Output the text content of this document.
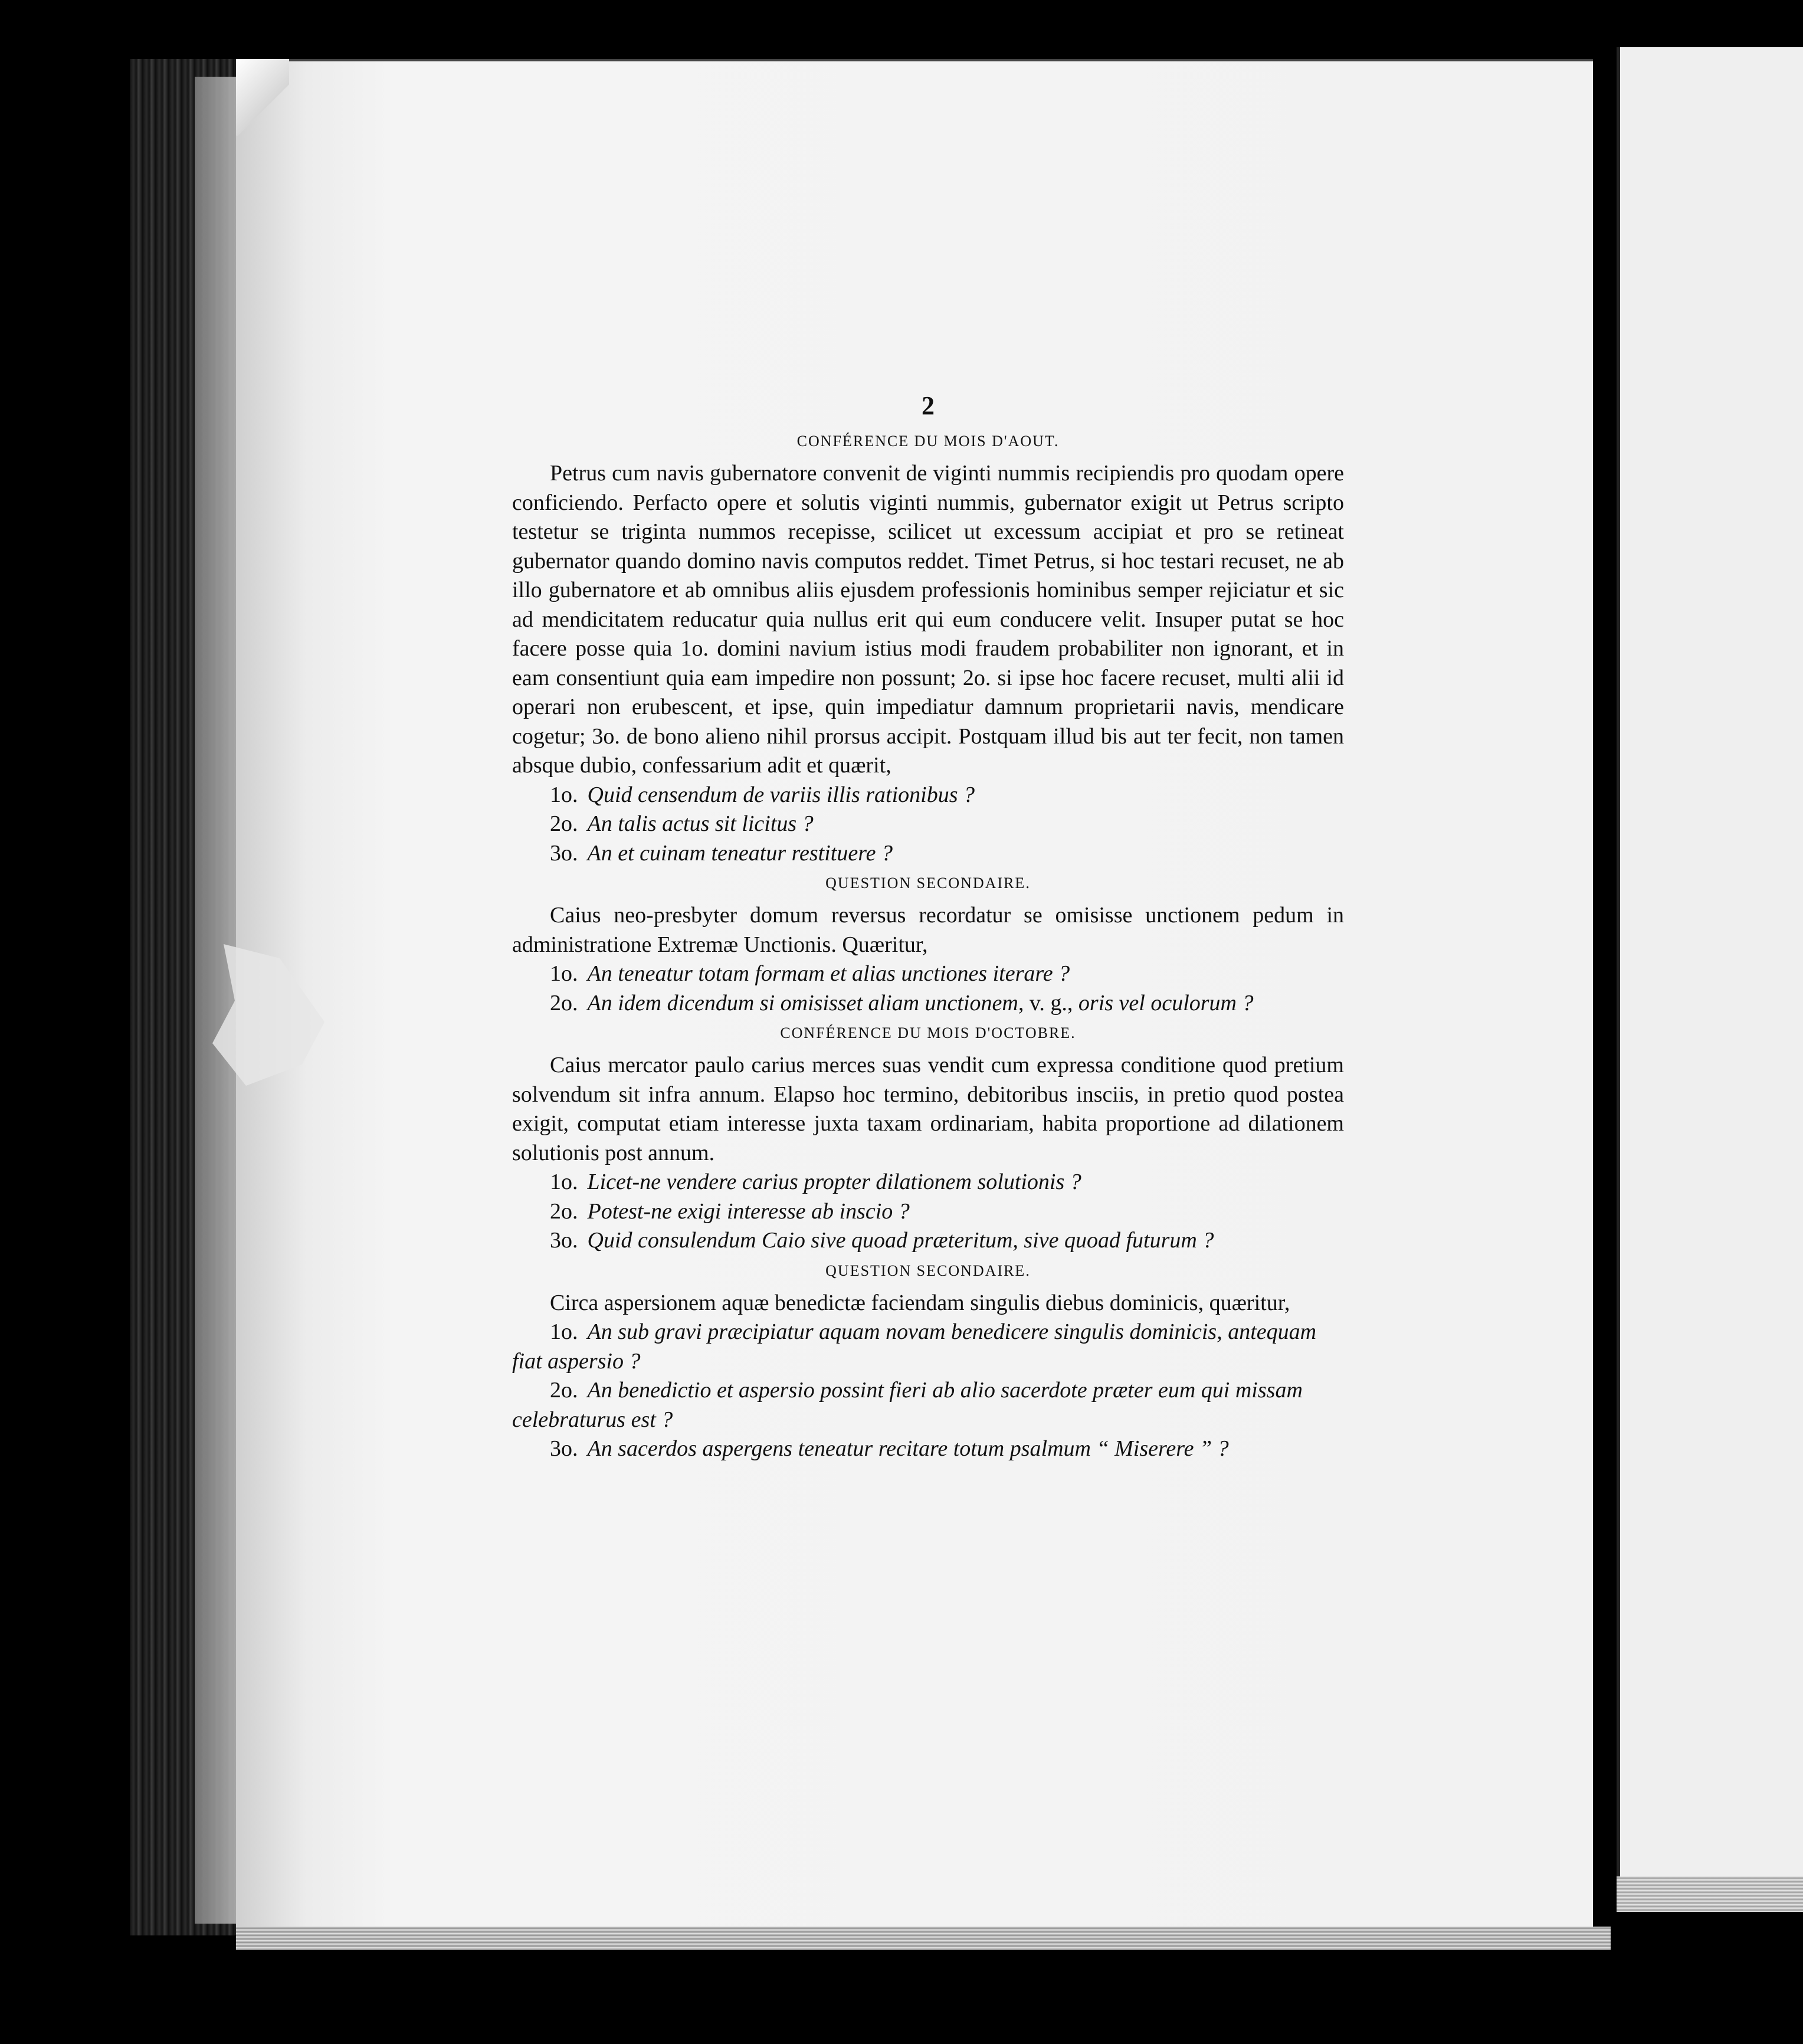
2
CONFÉRENCE DU MOIS D'AOUT.

Petrus cum navis gubernatore convenit de viginti nummis recipiendis pro quodam opere conficiendo. Perfacto opere et solutis viginti nummis, gubernator exigit ut Petrus scripto testetur se triginta nummos recepisse, scilicet ut excessum accipiat et pro se retineat gubernator quando domino navis computos reddet. Timet Petrus, si hoc testari recuset, ne ab illo gubernatore et ab omnibus aliis ejusdem professionis hominibus semper rejiciatur et sic ad mendicitatem reducatur quia nullus erit qui eum conducere velit. Insuper putat se hoc facere posse quia 1o. domini navium istius modi fraudem probabiliter non ignorant, et in eam consentiunt quia eam impedire non possunt; 2o. si ipse hoc facere recuset, multi alii id operari non erubescent, et ipse, quin impediatur damnum proprietarii navis, mendicare cogetur; 3o. de bono alieno nihil prorsus accipit. Postquam illud bis aut ter fecit, non tamen absque dubio, confessarium adit et quærit,

1o. Quid censendum de variis illis rationibus ?

2o. An talis actus sit licitus ?

3o. An et cuinam teneatur restituere ?

QUESTION SECONDAIRE.

Caius neo-presbyter domum reversus recordatur se omisisse unctionem pedum in administratione Extremæ Unctionis. Quæritur,

1o. An teneatur totam formam et alias unctiones iterare ?

2o. An idem dicendum si omisisset aliam unctionem, v. g., oris vel oculorum ?

CONFÉRENCE DU MOIS D'OCTOBRE.

Caius mercator paulo carius merces suas vendit cum expressa conditione quod pretium solvendum sit infra annum. Elapso hoc termino, debitoribus insciis, in pretio quod postea exigit, computat etiam interesse juxta taxam ordinariam, habita proportione ad dilationem solutionis post annum.

1o. Licet-ne vendere carius propter dilationem solutionis ?

2o. Potest-ne exigi interesse ab inscio ?

3o. Quid consulendum Caio sive quoad præteritum, sive quoad futurum ?

QUESTION SECONDAIRE.

Circa aspersionem aquæ benedictæ faciendam singulis diebus dominicis, quæritur,

1o. An sub gravi præcipiatur aquam novam benedicere singulis dominicis, antequam fiat aspersio ?

2o. An benedictio et aspersio possint fieri ab alio sacerdote præter eum qui missam celebraturus est ?

3o. An sacerdos aspergens teneatur recitare totum psalmum “ Miserere ” ?
